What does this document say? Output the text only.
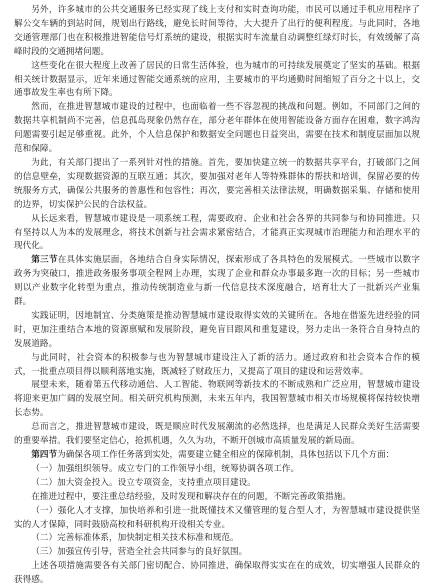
另外，许多城市的公共交通服务已经实现了线上支付和实时查询功能，市民可以通过手机应用程序了解公交车辆的到站时间，规划出行路线，避免长时间等待，大大提升了出行的便利程度。与此同时，各地交通管理部门也在积极推进智能信号灯系统的建设，根据实时车流量自动调整红绿灯时长，有效缓解了高峰时段的交通拥堵问题。

这些变化在很大程度上改善了居民的日常生活体验，也为城市的可持续发展奠定了坚实的基础。根据相关统计数据显示，近年来通过智能交通系统的应用，主要城市的平均通勤时间缩短了百分之十以上，交通事故发生率也有所下降。

然而，在推进智慧城市建设的过程中，也面临着一些不容忽视的挑战和问题。例如，不同部门之间的数据共享机制尚不完善，信息孤岛现象仍然存在，部分老年群体在使用智能设备方面存在困难，数字鸿沟问题需要引起足够重视。此外，个人信息保护和数据安全问题也日益突出，需要在技术和制度层面加以规范和保障。

为此，有关部门提出了一系列针对性的措施。首先，要加快建立统一的数据共享平台，打破部门之间的信息壁垒，实现数据资源的互联互通；其次，要加强对老年人等特殊群体的帮扶和培训，保留必要的传统服务方式，确保公共服务的普惠性和包容性；再次，要完善相关法律法规，明确数据采集、存储和使用的边界，切实保护公民的合法权益。

从长远来看，智慧城市建设是一项系统工程，需要政府、企业和社会各界的共同参与和协同推进。只有坚持以人为本的发展理念，将技术创新与社会需求紧密结合，才能真正实现城市治理能力和治理水平的现代化。

第三节在具体实施层面，各地结合自身实际情况，探索形成了各具特色的发展模式。一些城市以数字政务为突破口，推进政务服务事项全程网上办理，实现了企业和群众办事最多跑一次的目标；另一些城市则以产业数字化转型为重点，推动传统制造业与新一代信息技术深度融合，培育壮大了一批新兴产业集群。

实践证明，因地制宜、分类施策是推动智慧城市建设取得实效的关键所在。各地在借鉴先进经验的同时，更加注重结合本地的资源禀赋和发展阶段，避免盲目跟风和重复建设，努力走出一条符合自身特点的发展道路。

与此同时，社会资本的积极参与也为智慧城市建设注入了新的活力。通过政府和社会资本合作的模式，一批重点项目得以顺利落地实施，既减轻了财政压力，又提高了项目的建设和运营效率。

展望未来，随着第五代移动通信、人工智能、物联网等新技术的不断成熟和广泛应用，智慧城市建设将迎来更加广阔的发展空间。相关研究机构预测，未来五年内，我国智慧城市相关市场规模将保持较快增长态势。

总而言之，推进智慧城市建设，既是顺应时代发展潮流的必然选择，也是满足人民群众美好生活需要的重要举措。我们要坚定信心，抢抓机遇，久久为功，不断开创城市高质量发展的新局面。

第四节为确保各项工作任务落到实处，需要建立健全相应的保障机制，具体包括以下几个方面：

（一）加强组织领导。成立专门的工作领导小组，统筹协调各项工作。

（二）加大资金投入。设立专项资金，支持重点项目建设。

在推进过程中，要注重总结经验，及时发现和解决存在的问题，不断完善政策措施。

（一）强化人才支撑，加快培养和引进一批既懂技术又懂管理的复合型人才，为智慧城市建设提供坚实的人才保障，同时鼓励高校和科研机构开设相关专业。

（二）完善标准体系，加快制定相关技术标准和规范。

（三）加强宣传引导，营造全社会共同参与的良好氛围。

上述各项措施需要各有关部门密切配合、协同推进，确保取得实实在在的成效，切实增强人民群众的获得感。
